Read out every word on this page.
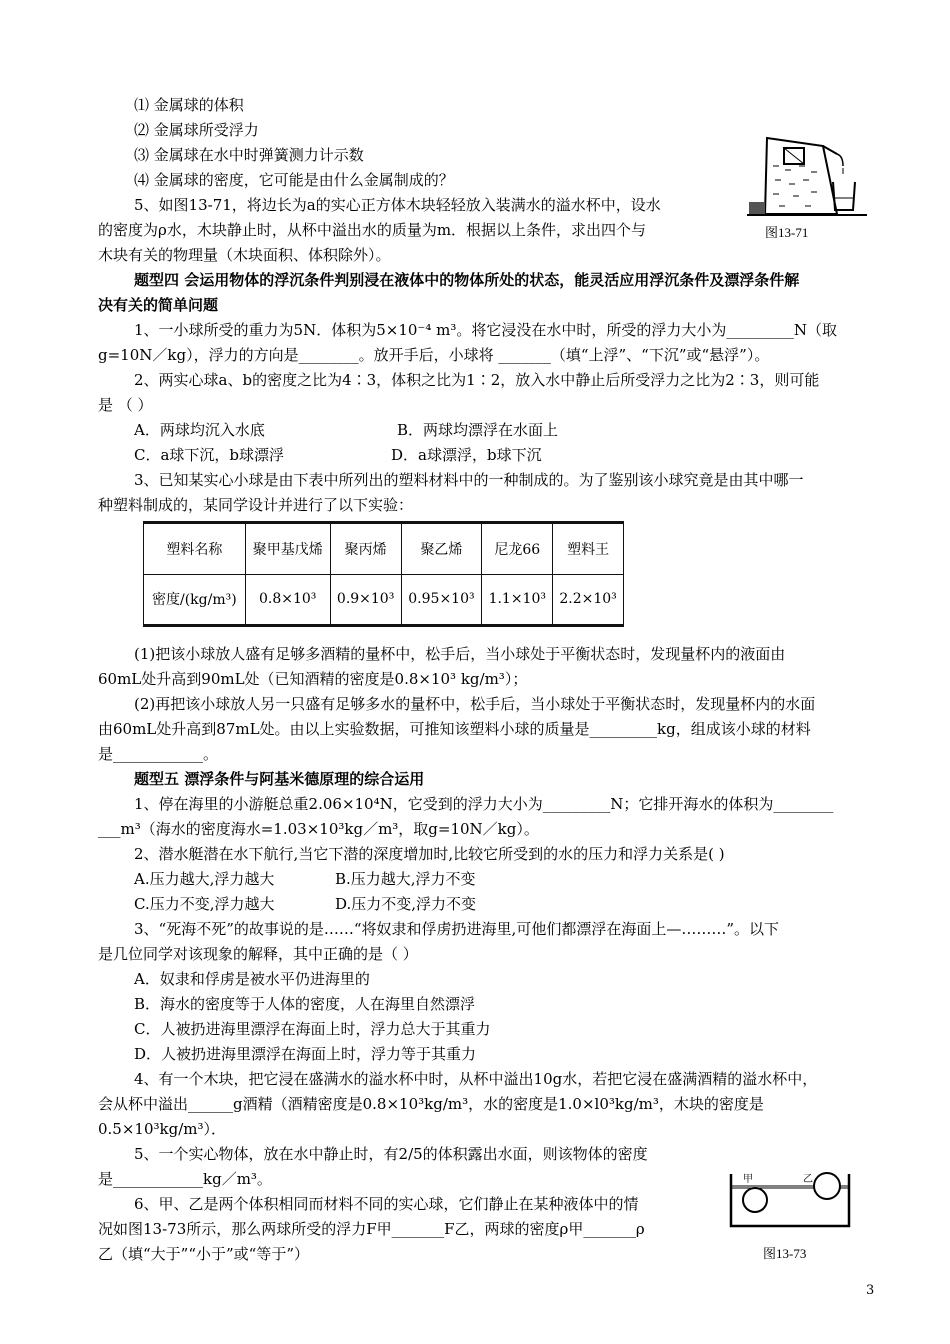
⑴ 金属球的体积
⑵ 金属球所受浮力
⑶ 金属球在水中时弹簧测力计示数
⑷ 金属球的密度，它可能是由什么金属制成的？
5、如图13-71，将边长为a的实心正方体木块轻轻放入装满水的溢水杯中，设水
的密度为ρ水，木块静止时，从杯中溢出水的质量为m．根据以上条件，求出四个与
木块有关的物理量（木块面积、体积除外）。
图13-71
题型四 会运用物体的浮沉条件判别浸在液体中的物体所处的状态，能灵活应用浮沉条件及漂浮条件解
决有关的简单问题
1、一小球所受的重力为5N．体积为5×10⁻⁴ m³。将它浸没在水中时，所受的浮力大小为_________N（取
g=10N／kg），浮力的方向是________。放开手后，小球将 _______（填“上浮”、“下沉”或“悬浮”）。
2、两实心球a、b的密度之比为4∶3，体积之比为1∶2，放入水中静止后所受浮力之比为2∶3，则可能
是 （ ）
A．两球均沉入水底	B．两球均漂浮在水面上
C．a球下沉，b球漂浮	D．a球漂浮，b球下沉
3、已知某实心小球是由下表中所列出的塑料材料中的一种制成的。为了鉴别该小球究竟是由其中哪一
种塑料制成的，某同学设计并进行了以下实验：
塑料名称	聚甲基戊烯	聚丙烯	聚乙烯	尼龙66	塑料王
密度/(kg/m³)	0.8×10³	0.9×10³	0.95×10³	1.1×10³	2.2×10³
(1)把该小球放人盛有足够多酒精的量杯中，松手后，当小球处于平衡状态时，发现量杯内的液面由
60mL处升高到90mL处（已知酒精的密度是0.8×10³ kg/m³）；
(2)再把该小球放人另一只盛有足够多水的量杯中，松手后，当小球处于平衡状态时，发现量杯内的水面
由60mL处升高到87mL处。由以上实验数据，可推知该塑料小球的质量是_________kg，组成该小球的材料
是____________。
题型五 漂浮条件与阿基米德原理的综合运用
1、停在海里的小游艇总重2.06×10⁴N，它受到的浮力大小为_________N；它排开海水的体积为________
___m³（海水的密度海水=1.03×10³kg／m³，取g=10N／kg）。
2、潜水艇潜在水下航行,当它下潜的深度增加时,比较它所受到的水的压力和浮力关系是( )
A.压力越大,浮力越大	B.压力越大,浮力不变
C.压力不变,浮力越大	D.压力不变,浮力不变
3、“死海不死”的故事说的是……“将奴隶和俘虏扔进海里,可他们都漂浮在海面上—………”。以下
是几位同学对该现象的解释，其中正确的是（ ）
A．奴隶和俘虏是被水平仍进海里的
B．海水的密度等于人体的密度，人在海里自然漂浮
C．人被扔进海里漂浮在海面上时，浮力总大于其重力
D．人被扔进海里漂浮在海面上时，浮力等于其重力
4、有一个木块，把它浸在盛满水的溢水杯中时，从杯中溢出10g水，若把它浸在盛满酒精的溢水杯中，
会从杯中溢出______g酒精（酒精密度是0.8×10³kg/m³，水的密度是1.0×l0³kg/m³，木块的密度是
0.5×10³kg/m³）．
5、一个实心物体，放在水中静止时，有2/5的体积露出水面，则该物体的密度
是____________kg／m³。
6、甲、乙是两个体积相同而材料不同的实心球，它们静止在某种液体中的情
况如图13-73所示，那么两球所受的浮力F甲_______F乙，两球的密度ρ甲_______ρ
乙（填“大于”“小于”或“等于”）
甲	乙
图13-73
3
